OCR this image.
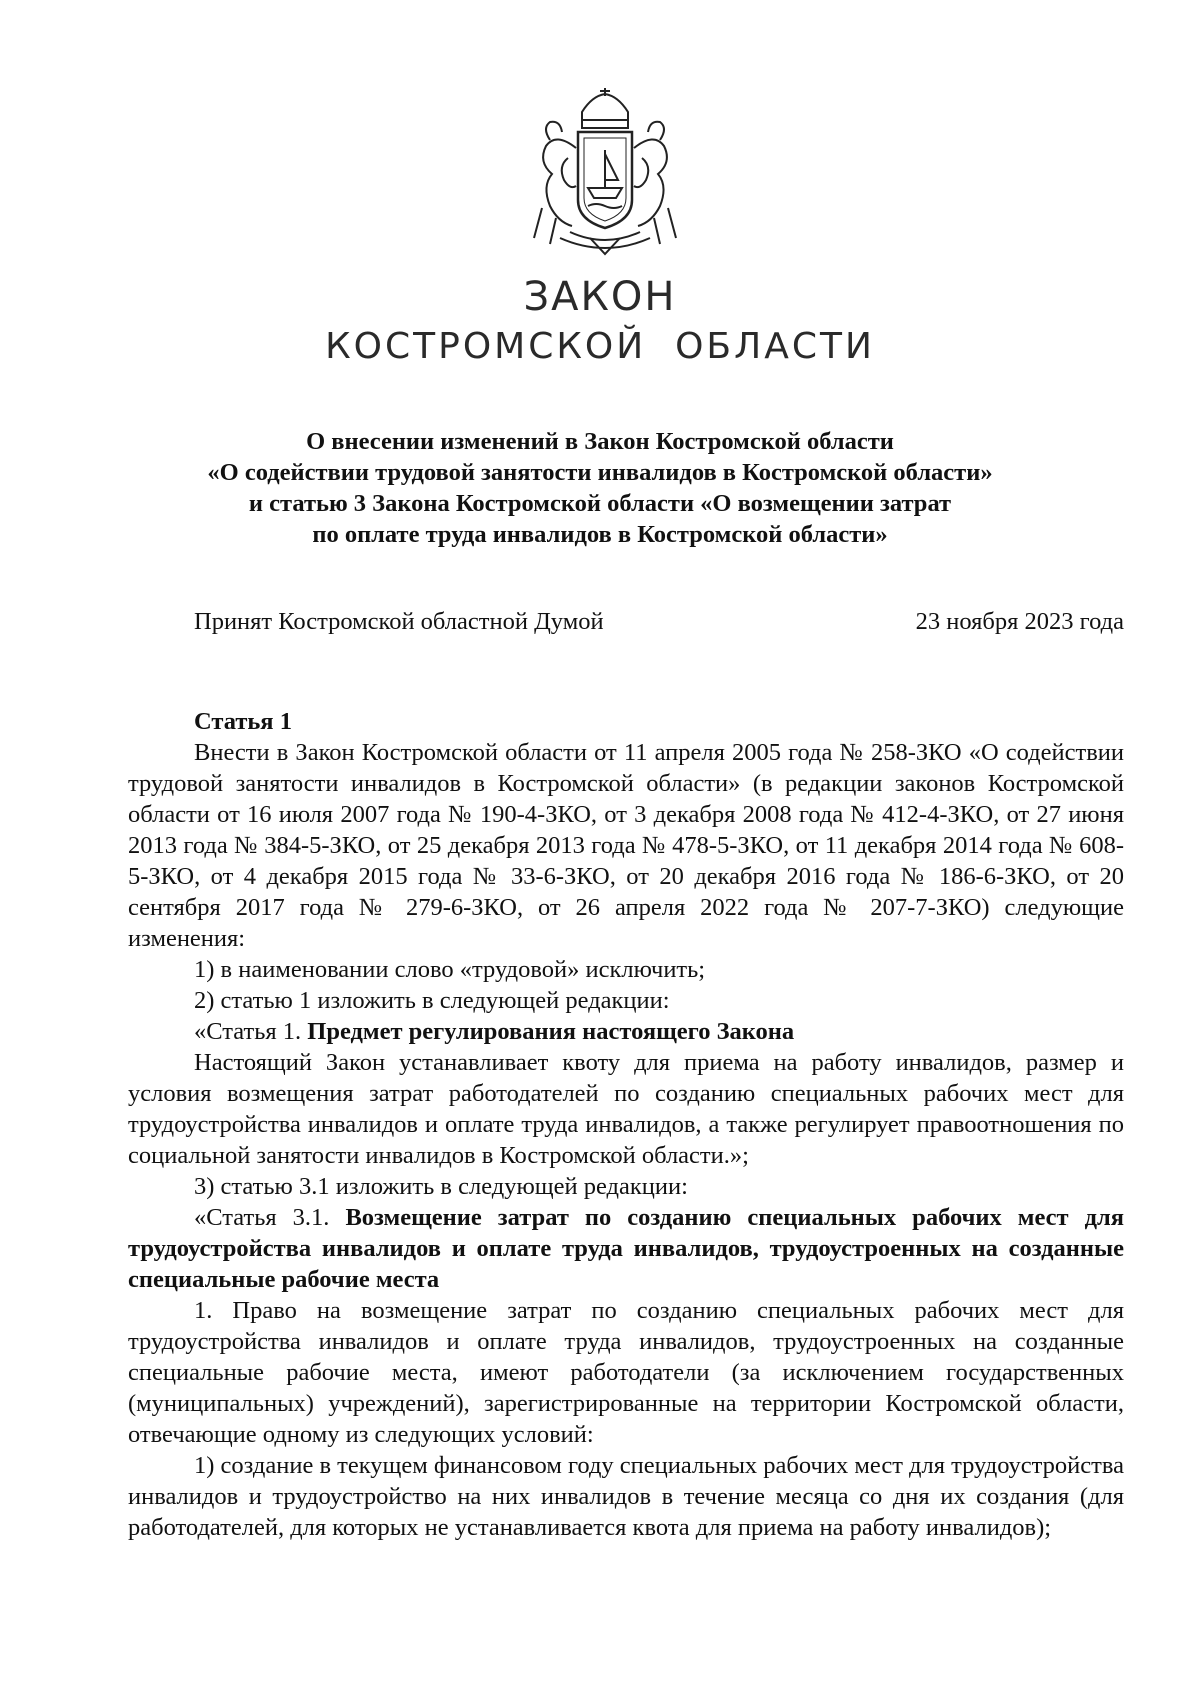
ЗАКОН
КОСТРОМСКОЙ  ОБЛАСТИ
О внесении изменений в Закон Костромской области
«О содействии трудовой занятости инвалидов в Костромской области»
и статью 3 Закона Костромской области «О возмещении затрат
по оплате труда инвалидов в Костромской области»
Принят Костромской областной Думой	23 ноября 2023 года

Статья 1

Внести в Закон Костромской области от 11 апреля 2005 года № 258-ЗКО «О содействии трудовой занятости инвалидов в Костромской области» (в редакции законов Костромской области от 16 июля 2007 года № 190-4-ЗКО, от 3 декабря 2008 года № 412-4-ЗКО, от 27 июня 2013 года № 384-5-ЗКО, от 25 декабря 2013 года № 478-5-ЗКО, от 11 декабря 2014 года № 608-5-ЗКО, от 4 декабря 2015 года № 33-6-ЗКО, от 20 декабря 2016 года № 186-6-ЗКО, от 20 сентября 2017 года № 279-6-ЗКО, от 26 апреля 2022 года № 207-7-ЗКО) следующие изменения:

1) в наименовании слово «трудовой» исключить;

2) статью 1 изложить в следующей редакции:

«Статья 1. Предмет регулирования настоящего Закона

Настоящий Закон устанавливает квоту для приема на работу инвалидов, размер и условия возмещения затрат работодателей по созданию специальных рабочих мест для трудоустройства инвалидов и оплате труда инвалидов, а также регулирует правоотношения по социальной занятости инвалидов в Костромской области.»;

3) статью 3.1 изложить в следующей редакции:

«Статья 3.1. Возмещение затрат по созданию специальных рабочих мест для трудоустройства инвалидов и оплате труда инвалидов, трудоустроенных на созданные специальные рабочие места

1. Право на возмещение затрат по созданию специальных рабочих мест для трудоустройства инвалидов и оплате труда инвалидов, трудоустроенных на созданные специальные рабочие места, имеют работодатели (за исключением государственных (муниципальных) учреждений), зарегистрированные на территории Костромской области, отвечающие одному из следующих условий:

1) создание в текущем финансовом году специальных рабочих мест для трудоустройства инвалидов и трудоустройство на них инвалидов в течение месяца со дня их создания (для работодателей, для которых не устанавливается квота для приема на работу инвалидов);
